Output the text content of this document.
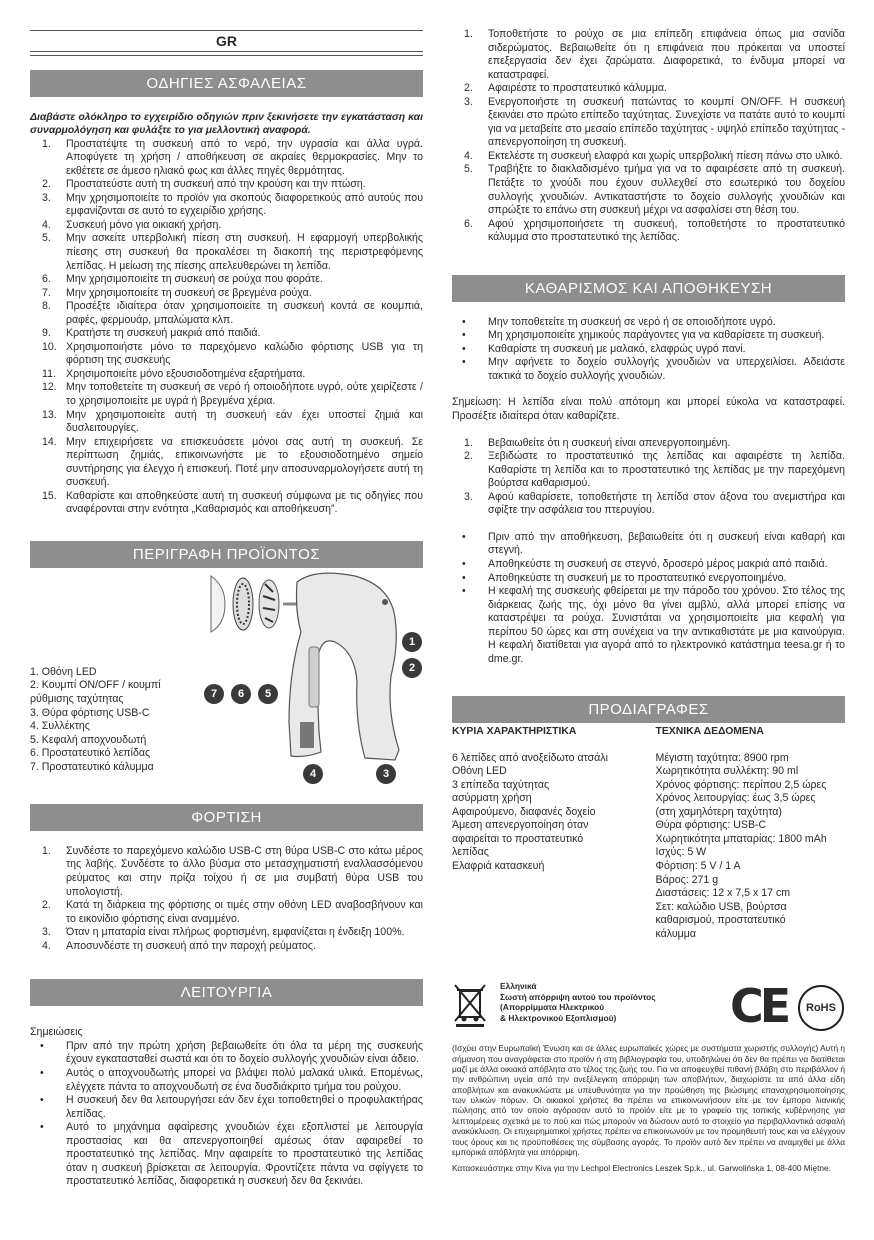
GR
ΟΔΗΓΙΕΣ ΑΣΦΑΛΕΙΑΣ

Διαβάστε ολόκληρο το εγχειρίδιο οδηγιών πριν ξεκινήσετε την εγκατάσταση και συναρμολόγηση και φυλάξτε το για μελλοντική αναφορά.

1. Προστατέψτε τη συσκευή από το νερό, την υγρασία και άλλα υγρά. Αποφύγετε τη χρήση / αποθήκευση σε ακραίες θερμοκρασίες. Μην το εκθέτετε σε άμεσο ηλιακό φως και άλλες πηγές θερμότητας.
2. Προστατεύστε αυτή τη συσκευή από την κρούση και την πτώση.
3. Μην χρησιμοποιείτε το προϊόν για σκοπούς διαφορετικούς από αυτούς που εμφανίζονται σε αυτό το εγχειρίδιο χρήσης.
4. Συσκευή μόνο για οικιακή χρήση.
5. Μην ασκείτε υπερβολική πίεση στη συσκευή. Η εφαρμογή υπερβολικής πίεσης στη συσκευή θα προκαλέσει τη διακοπή της περιστρεφόμενης λεπίδας. Η μείωση της πίεσης απελευθερώνει τη λεπίδα.
6. Μην χρησιμοποιείτε τη συσκευή σε ρούχα που φοράτε.
7. Μην χρησιμοποιείτε τη συσκευή σε βρεγμένα ρούχα.
8. Προσέξτε ιδιαίτερα όταν χρησιμοποιείτε τη συσκευή κοντά σε κουμπιά, ραφές, φερμουάρ, μπαλώματα κλπ.
9. Κρατήστε τη συσκευή μακριά από παιδιά.
10. Χρησιμοποιήστε μόνο το παρεχόμενο καλώδιο φόρτισης USB για τη φόρτιση της συσκευής
11. Χρησιμοποιείτε μόνο εξουσιοδοτημένα εξαρτήματα.
12. Μην τοποθετείτε τη συσκευή σε νερό ή οποιοδήποτε υγρό, ούτε χειρίζεστε / το χρησιμοποιείτε με υγρά ή βρεγμένα χέρια.
13. Μην χρησιμοποιείτε αυτή τη συσκευή εάν έχει υποστεί ζημιά και δυσλειτουργίες.
14. Μην επιχειρήσετε να επισκευάσετε μόνοι σας αυτή τη συσκευή. Σε περίπτωση ζημιάς, επικοινωνήστε με το εξουσιοδοτημένο σημείο συντήρησης για έλεγχο ή επισκευή. Ποτέ μην αποσυναρμολογήσετε αυτή τη συσκευή.
15. Καθαρίστε και αποθηκεύστε αυτή τη συσκευή σύμφωνα με τις οδηγίες που αναφέρονται στην ενότητα „Καθαρισμός και αποθήκευση”.
ΠΕΡΙΓΡΑΦΗ ΠΡΟΪΟΝΤΟΣ
1. Οθόνη LED
2. Κουμπί ON/OFF / κουμπί ρύθμισης ταχύτητας
3. Θύρα φόρτισης USB-C
4. Συλλέκτης
5. Κεφαλή αποχνουδωτή
6. Προστατευτικό λεπίδας
7. Προστατευτικό κάλυμμα
1
2
3
4
5
6
7
ΦΟΡΤΙΣΗ
1. Συνδέστε το παρεχόμενο καλώδιο USB-C στη θύρα USB-C στο κάτω μέρος της λαβής. Συνδέστε το άλλο βύσμα στο μετασχηματιστή εναλλασσόμενου ρεύματος και στην πρίζα τοίχου ή σε μια συμβατή θύρα USB του υπολογιστή.
2. Κατά τη διάρκεια της φόρτισης οι τιμές στην οθόνη LED αναβοσβήνουν και το εικονίδιο φόρτισης είναι αναμμένο.
3. Όταν η μπαταρία είναι πλήρως φορτισμένη, εμφανίζεται η ένδειξη 100%.
4. Αποσυνδέστε τη συσκευή από την παροχή ρεύματος.
ΛΕΙΤΟΥΡΓΙΑ

Σημειώσεις

• Πριν από την πρώτη χρήση βεβαιωθείτε ότι όλα τα μέρη της συσκευής έχουν εγκατασταθεί σωστά και ότι το δοχείο συλλογής χνουδιών είναι άδειο.
• Αυτός ο αποχνουδωτής μπορεί να βλάψει πολύ μαλακά υλικά. Επομένως, ελέγχετε πάντα το αποχνουδωτή σε ένα δυσδιάκριτο τμήμα του ρούχου.
• Η συσκευή δεν θα λειτουργήσει εάν δεν έχει τοποθετηθεί ο προφυλακτήρας λεπίδας.
• Αυτό το μηχάνημα αφαίρεσης χνουδιών έχει εξοπλιστεί με λειτουργία προστασίας και θα απενεργοποιηθεί αμέσως όταν αφαιρεθεί το προστατευτικό της λεπίδας. Μην αφαιρείτε το προστατευτικό της λεπίδας όταν η συσκευή βρίσκεται σε λειτουργία. Φροντίζετε πάντα να σφίγγετε το προστατευτικό λεπίδας, διαφορετικά η συσκευή δεν θα ξεκινάει.
1. Τοποθετήστε το ρούχο σε μια επίπεδη επιφάνεια όπως μια σανίδα σιδερώματος. Βεβαιωθείτε ότι η επιφάνεια που πρόκειται να υποστεί επεξεργασία δεν έχει ζαρώματα. Διαφορετικά, το ένδυμα μπορεί να καταστραφεί.
2. Αφαιρέστε το προστατευτικό κάλυμμα.
3. Ενεργοποιήστε τη συσκευή πατώντας το κουμπί ON/OFF. Η συσκευή ξεκινάει στο πρώτο επίπεδο ταχύτητας. Συνεχίστε να πατάτε αυτό το κουμπί για να μεταβείτε στο μεσαίο επίπεδο ταχύτητας - υψηλό επίπεδο ταχύτητας - απενεργοποίηση τη συσκευή.
4. Εκτελέστε τη συσκευή ελαφρά και χωρίς υπερβολική πίεση πάνω στο υλικό.
5. Τραβήξτε το διακλαδισμένο τμήμα για να το αφαιρέσετε από τη συσκευή. Πετάξτε το χνούδι που έχουν συλλεχθεί στο εσωτερικό του δοχείου συλλογής χνουδιών. Αντικαταστήστε το δοχείο συλλογής χνουδιών και σπρώξτε το επάνω στη συσκευή μέχρι να ασφαλίσει στη θέση του.
6. Αφού χρησιμοποιήσετε τη συσκευή, τοποθετήστε το προστατευτικό κάλυμμα στο προστατευτικό της λεπίδας.
ΚΑΘΑΡΙΣΜΟΣ ΚΑΙ ΑΠΟΘΗΚΕΥΣΗ
• Μην τοποθετείτε τη συσκευή σε νερό ή σε οποιοδήποτε υγρό.
• Μη χρησιμοποιείτε χημικούς παράγοντες για να καθαρίσετε τη συσκευή.
• Καθαρίστε τη συσκευή με μαλακό, ελαφρώς υγρό πανί.
• Μην αφήνετε το δοχείο συλλογής χνουδιών να υπερχειλίσει. Αδειάστε τακτικά το δοχείο συλλογής χνουδιών.

Σημείωση: Η λεπίδα είναι πολύ απότομη και μπορεί εύκολα να καταστραφεί. Προσέξτε ιδιαίτερα όταν καθαρίζετε.

1. Βεβαιωθείτε ότι η συσκευή είναι απενεργοποιημένη.
2. Ξεβιδώστε το προστατευτικό της λεπίδας και αφαιρέστε τη λεπίδα. Καθαρίστε τη λεπίδα και το προστατευτικό της λεπίδας με την παρεχόμενη βούρτσα καθαρισμού.
3. Αφού καθαρίσετε, τοποθετήστε τη λεπίδα στον άξονα του ανεμιστήρα και σφίξτε την ασφάλεια του πτερυγίου.
• Πριν από την αποθήκευση, βεβαιωθείτε ότι η συσκευή είναι καθαρή και στεγνή.
• Αποθηκεύστε τη συσκευή σε στεγνό, δροσερό μέρος μακριά από παιδιά.
• Αποθηκεύστε τη συσκευή με το προστατευτικό ενεργοποιημένο.
• Η κεφαλή της συσκευής φθείρεται με την πάροδο του χρόνου. Στο τέλος της διάρκειας ζωής της, όχι μόνο θα γίνει αμβλύ, αλλά μπορεί επίσης να καταστρέψει τα ρούχα. Συνιστάται να χρησιμοποιείτε μια κεφαλή για περίπου 50 ώρες και στη συνέχεια να την αντικαθιστάτε με μια καινούργια. Η κεφαλή διατίθεται για αγορά από το ηλεκτρονικό κατάστημα teesa.gr ή το dme.gr.
ΠΡΟΔΙΑΓΡΑΦΕΣ
ΚΥΡΙΑ ΧΑΡΑΚΤΗΡΙΣΤΙΚΑ
6 λεπίδες από ανοξείδωτο ατσάλι
Οθόνη LED
3 επίπεδα ταχύτητας
ασύρματη χρήση
Αφαιρούμενο, διαφανές δοχείο
Άμεση απενεργοποίηση όταν
αφαιρείται το προστατευτικό
λεπίδας
Ελαφριά κατασκευή
ΤΕΧΝΙΚΑ ΔΕΔΟΜΕΝΑ
Μέγιστη ταχύτητα: 8900 rpm
Χωρητικότητα συλλέκτη: 90 ml
Χρόνος φόρτισης: περίπου 2,5 ώρες
Χρόνος λειτουργίας: έως 3,5 ώρες
(στη χαμηλότερη ταχύτητα)
Θύρα φόρτισης: USB-C
Χωρητικότητα μπαταρίας: 1800 mAh
Ισχύς: 5 W
Φόρτιση: 5 V / 1 A
Βάρος: 271 g
Διαστάσεις: 12 x 7,5 x 17 cm
Σετ: καλώδιο USB, βούρτσα
καθαρισμού, προστατευτικό
κάλυμμα
Ελληνικά
Σωστή απόρριψη αυτού του προϊόντος
(Απορρίμματα Ηλεκτρικού
& Ηλεκτρονικού Εξοπλισμού)	CE	RoHS

(Ισχύει στην Ευρωπαϊκή Ένωση και σε άλλες ευρωπαϊκές χώρες με συστήματα χωριστής συλλογής) Αυτή η σήμανση που αναγράφεται στο προϊόν ή στη βιβλιογραφία του, υποδηλώνει ότι δεν θα πρέπει να διατίθεται μαζί με άλλα οικιακά απόβλητα στο τέλος της ζωής του. Για να αποφευχθεί πιθανή βλάβη στο περιβάλλον ή την ανθρώπινη υγεία από την ανεξέλεγκτη απόρριψη των αποβλήτων, διαχωρίστε τα από άλλα είδη αποβλήτων και ανακυκλώστε με υπευθυνότητα για την προώθηση της βιώσιμης επαναχρησιμοποίησης των υλικών πόρων. Οι οικιακοί χρήστες θα πρέπει να επικοινωνήσουν είτε με τον έμπορο λιανικής πώλησης από τον οποίο αγόρασαν αυτό το προϊόν είτε με το γραφείο της τοπικής κυβέρνησης για λεπτομέρειες σχετικά με το πού και πώς μπορούν να δώσουν αυτό το στοιχείο για περιβαλλοντικά ασφαλή ανακύκλωση. Οι επιχειρηματικοί χρήστες πρέπει να επικοινωνούν με τον προμηθευτή τους και να ελέγχουν τους όρους και τις προϋποθέσεις της σύμβασης αγοράς. Το προϊόν αυτό δεν πρέπει να αναμιχθεί με άλλα εμπορικά απόβλητα για απόρριψη.

Κατασκευάστηκε στην Kiva για την Lechpol Electronics Leszek Sp.k., ul. Garwolińska 1, 08-400 Miętne.
